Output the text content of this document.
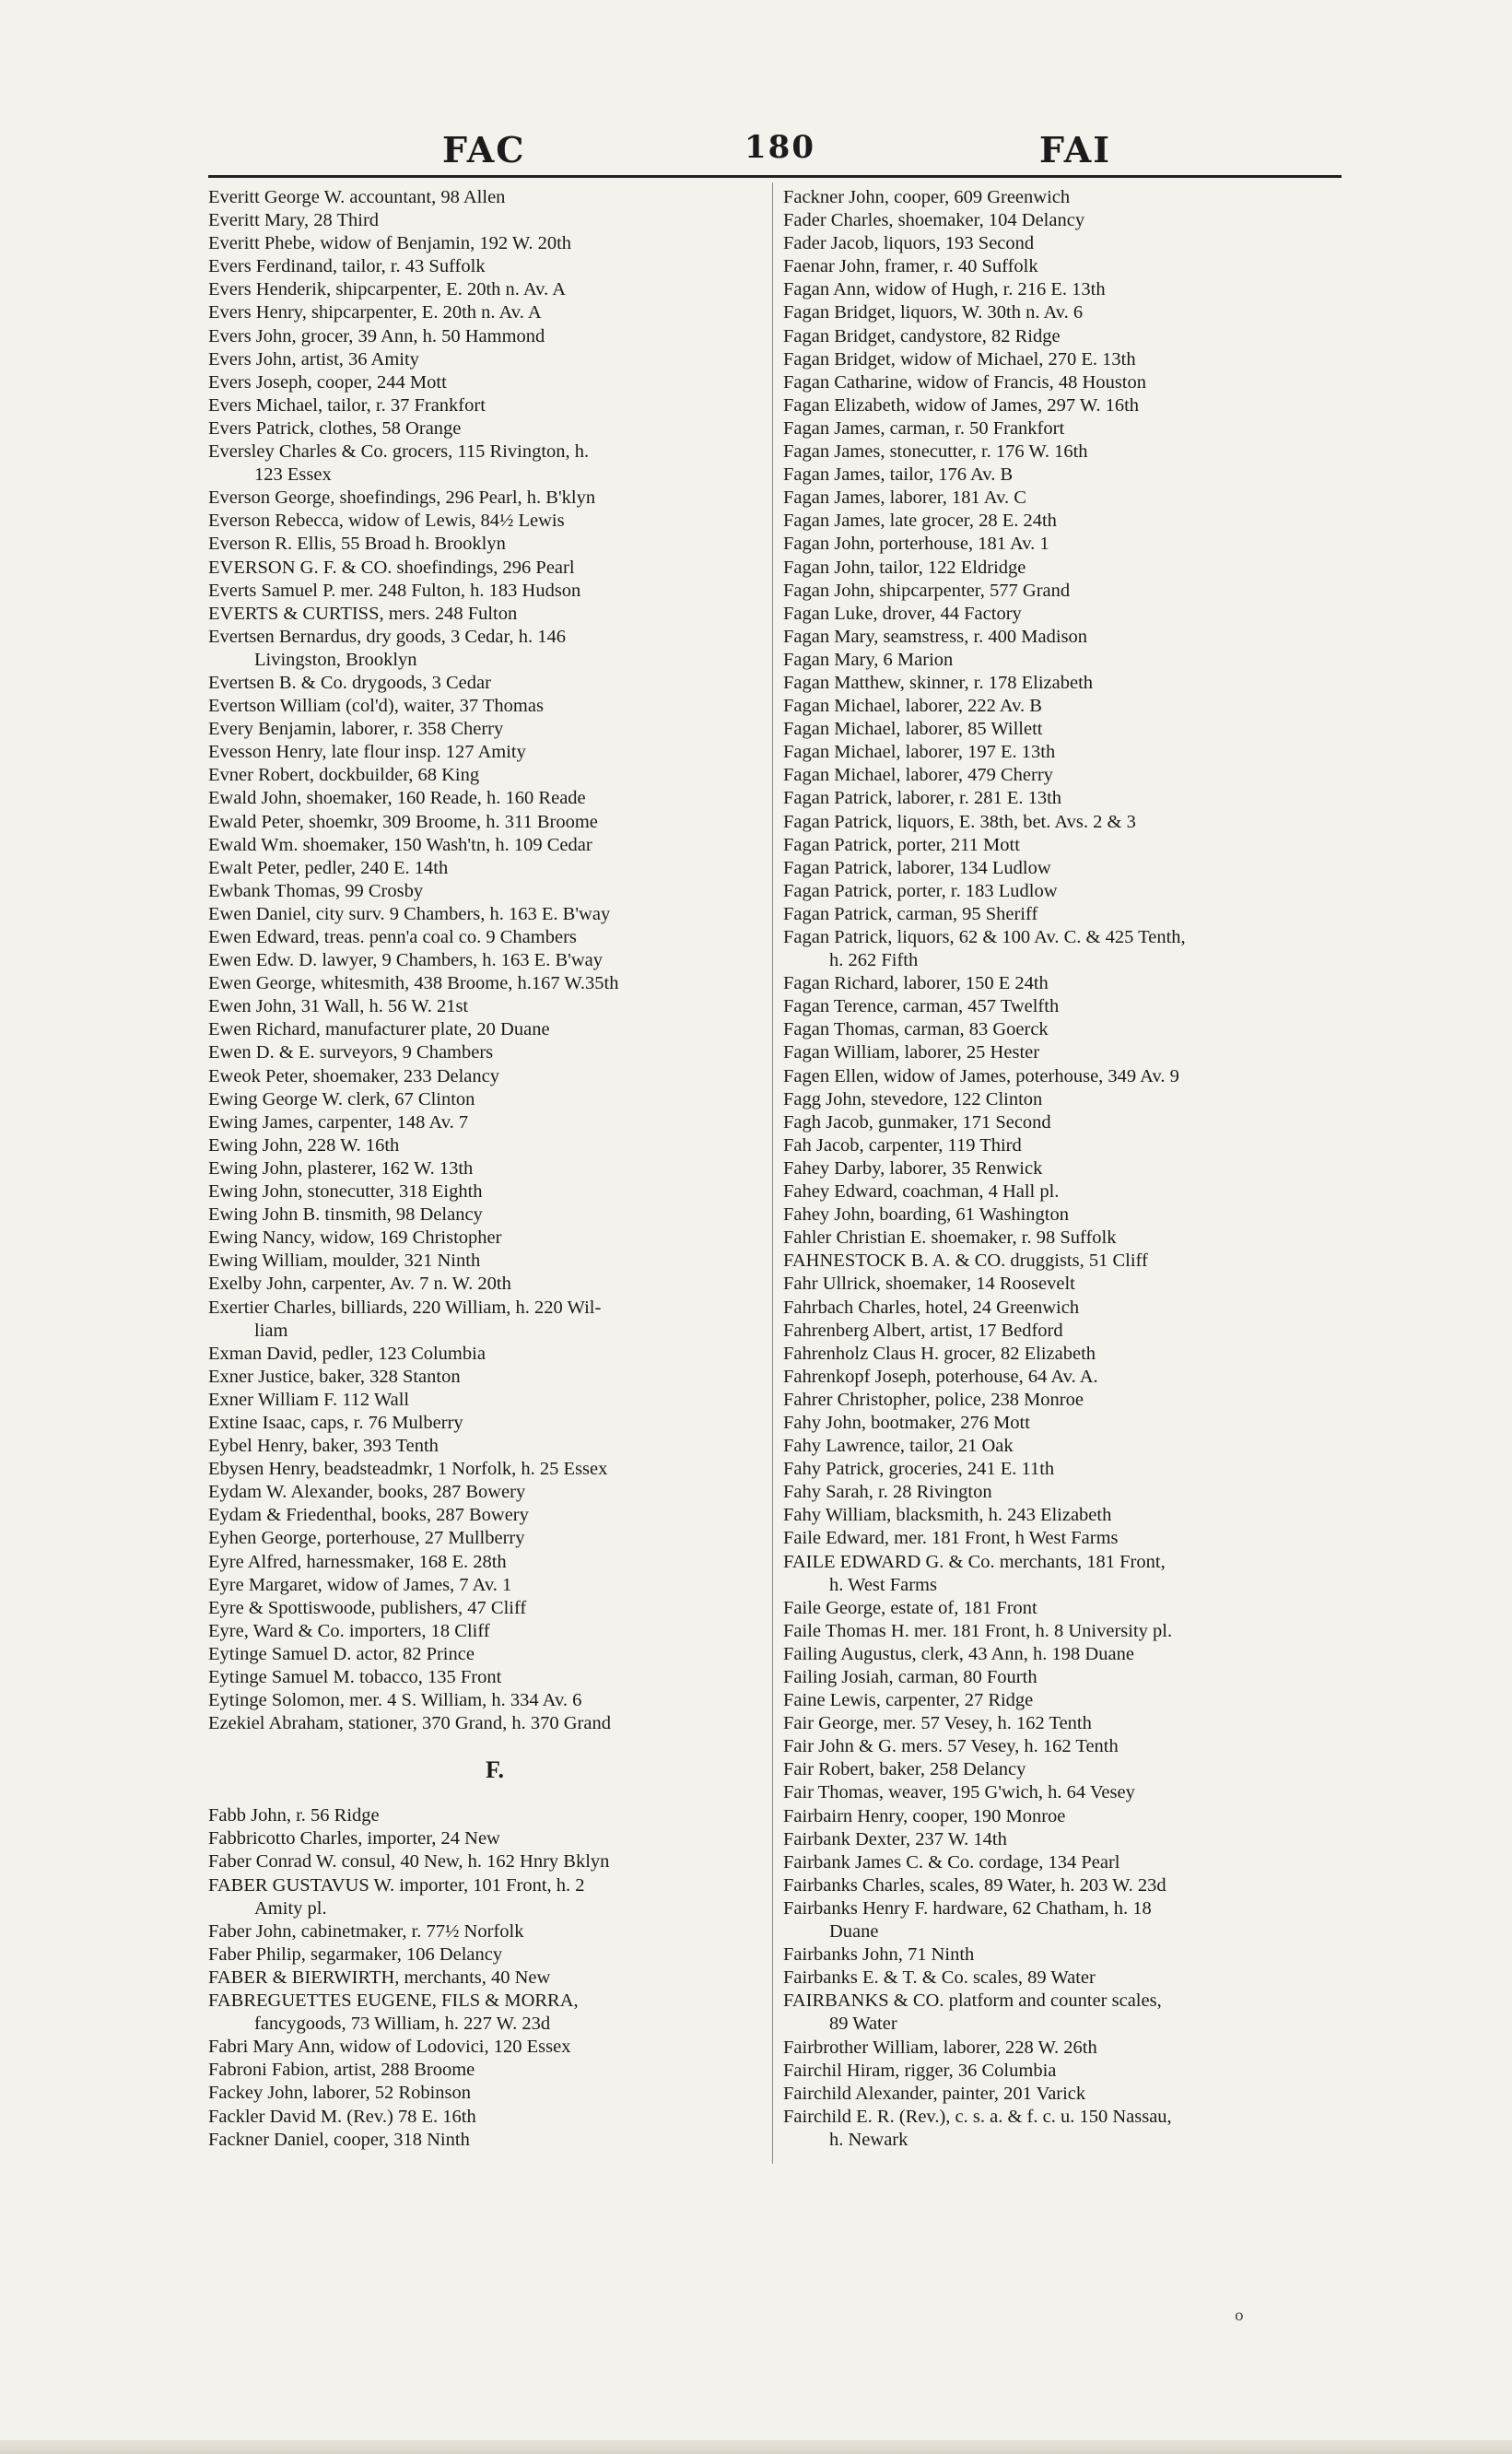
FAC	180	FAI
Everitt George W. accountant, 98 Allen
Everitt Mary, 28 Third
Everitt Phebe, widow of Benjamin, 192 W. 20th
Evers Ferdinand, tailor, r. 43 Suffolk
Evers Henderik, shipcarpenter, E. 20th n. Av. A
Evers Henry, shipcarpenter, E. 20th n. Av. A
Evers John, grocer, 39 Ann, h. 50 Hammond
Evers John, artist, 36 Amity
Evers Joseph, cooper, 244 Mott
Evers Michael, tailor, r. 37 Frankfort
Evers Patrick, clothes, 58 Orange
Eversley Charles & Co. grocers, 115 Rivington, h.
123 Essex
Everson George, shoefindings, 296 Pearl, h. B'klyn
Everson Rebecca, widow of Lewis, 84½ Lewis
Everson R. Ellis, 55 Broad h. Brooklyn
EVERSON G. F. & CO. shoefindings, 296 Pearl
Everts Samuel P. mer. 248 Fulton, h. 183 Hudson
EVERTS & CURTISS, mers. 248 Fulton
Evertsen Bernardus, dry goods, 3 Cedar, h. 146
Livingston, Brooklyn
Evertsen B. & Co. drygoods, 3 Cedar
Evertson William (col'd), waiter, 37 Thomas
Every Benjamin, laborer, r. 358 Cherry
Evesson Henry, late flour insp. 127 Amity
Evner Robert, dockbuilder, 68 King
Ewald John, shoemaker, 160 Reade, h. 160 Reade
Ewald Peter, shoemkr, 309 Broome, h. 311 Broome
Ewald Wm. shoemaker, 150 Wash'tn, h. 109 Cedar
Ewalt Peter, pedler, 240 E. 14th
Ewbank Thomas, 99 Crosby
Ewen Daniel, city surv. 9 Chambers, h. 163 E. B'way
Ewen Edward, treas. penn'a coal co. 9 Chambers
Ewen Edw. D. lawyer, 9 Chambers, h. 163 E. B'way
Ewen George, whitesmith, 438 Broome, h.167 W.35th
Ewen John, 31 Wall, h. 56 W. 21st
Ewen Richard, manufacturer plate, 20 Duane
Ewen D. & E. surveyors, 9 Chambers
Eweok Peter, shoemaker, 233 Delancy
Ewing George W. clerk, 67 Clinton
Ewing James, carpenter, 148 Av. 7
Ewing John, 228 W. 16th
Ewing John, plasterer, 162 W. 13th
Ewing John, stonecutter, 318 Eighth
Ewing John B. tinsmith, 98 Delancy
Ewing Nancy, widow, 169 Christopher
Ewing William, moulder, 321 Ninth
Exelby John, carpenter, Av. 7 n. W. 20th
Exertier Charles, billiards, 220 William, h. 220 Wil-
liam
Exman David, pedler, 123 Columbia
Exner Justice, baker, 328 Stanton
Exner William F. 112 Wall
Extine Isaac, caps, r. 76 Mulberry
Eybel Henry, baker, 393 Tenth
Ebysen Henry, beadsteadmkr, 1 Norfolk, h. 25 Essex
Eydam W. Alexander, books, 287 Bowery
Eydam & Friedenthal, books, 287 Bowery
Eyhen George, porterhouse, 27 Mullberry
Eyre Alfred, harnessmaker, 168 E. 28th
Eyre Margaret, widow of James, 7 Av. 1
Eyre & Spottiswoode, publishers, 47 Cliff
Eyre, Ward & Co. importers, 18 Cliff
Eytinge Samuel D. actor, 82 Prince
Eytinge Samuel M. tobacco, 135 Front
Eytinge Solomon, mer. 4 S. William, h. 334 Av. 6
Ezekiel Abraham, stationer, 370 Grand, h. 370 Grand
F.
Fabb John, r. 56 Ridge
Fabbricotto Charles, importer, 24 New
Faber Conrad W. consul, 40 New, h. 162 Hnry Bklyn
FABER GUSTAVUS W. importer, 101 Front, h. 2
Amity pl.
Faber John, cabinetmaker, r. 77½ Norfolk
Faber Philip, segarmaker, 106 Delancy
FABER & BIERWIRTH, merchants, 40 New
FABREGUETTES EUGENE, FILS & MORRA,
fancygoods, 73 William, h. 227 W. 23d
Fabri Mary Ann, widow of Lodovici, 120 Essex
Fabroni Fabion, artist, 288 Broome
Fackey John, laborer, 52 Robinson
Fackler David M. (Rev.) 78 E. 16th
Fackner Daniel, cooper, 318 Ninth
Fackner John, cooper, 609 Greenwich
Fader Charles, shoemaker, 104 Delancy
Fader Jacob, liquors, 193 Second
Faenar John, framer, r. 40 Suffolk
Fagan Ann, widow of Hugh, r. 216 E. 13th
Fagan Bridget, liquors, W. 30th n. Av. 6
Fagan Bridget, candystore, 82 Ridge
Fagan Bridget, widow of Michael, 270 E. 13th
Fagan Catharine, widow of Francis, 48 Houston
Fagan Elizabeth, widow of James, 297 W. 16th
Fagan James, carman, r. 50 Frankfort
Fagan James, stonecutter, r. 176 W. 16th
Fagan James, tailor, 176 Av. B
Fagan James, laborer, 181 Av. C
Fagan James, late grocer, 28 E. 24th
Fagan John, porterhouse, 181 Av. 1
Fagan John, tailor, 122 Eldridge
Fagan John, shipcarpenter, 577 Grand
Fagan Luke, drover, 44 Factory
Fagan Mary, seamstress, r. 400 Madison
Fagan Mary, 6 Marion
Fagan Matthew, skinner, r. 178 Elizabeth
Fagan Michael, laborer, 222 Av. B
Fagan Michael, laborer, 85 Willett
Fagan Michael, laborer, 197 E. 13th
Fagan Michael, laborer, 479 Cherry
Fagan Patrick, laborer, r. 281 E. 13th
Fagan Patrick, liquors, E. 38th, bet. Avs. 2 & 3
Fagan Patrick, porter, 211 Mott
Fagan Patrick, laborer, 134 Ludlow
Fagan Patrick, porter, r. 183 Ludlow
Fagan Patrick, carman, 95 Sheriff
Fagan Patrick, liquors, 62 & 100 Av. C. & 425 Tenth,
h. 262 Fifth
Fagan Richard, laborer, 150 E 24th
Fagan Terence, carman, 457 Twelfth
Fagan Thomas, carman, 83 Goerck
Fagan William, laborer, 25 Hester
Fagen Ellen, widow of James, poterhouse, 349 Av. 9
Fagg John, stevedore, 122 Clinton
Fagh Jacob, gunmaker, 171 Second
Fah Jacob, carpenter, 119 Third
Fahey Darby, laborer, 35 Renwick
Fahey Edward, coachman, 4 Hall pl.
Fahey John, boarding, 61 Washington
Fahler Christian E. shoemaker, r. 98 Suffolk
FAHNESTOCK B. A. & CO. druggists, 51 Cliff
Fahr Ullrick, shoemaker, 14 Roosevelt
Fahrbach Charles, hotel, 24 Greenwich
Fahrenberg Albert, artist, 17 Bedford
Fahrenholz Claus H. grocer, 82 Elizabeth
Fahrenkopf Joseph, poterhouse, 64 Av. A.
Fahrer Christopher, police, 238 Monroe
Fahy John, bootmaker, 276 Mott
Fahy Lawrence, tailor, 21 Oak
Fahy Patrick, groceries, 241 E. 11th
Fahy Sarah, r. 28 Rivington
Fahy William, blacksmith, h. 243 Elizabeth
Faile Edward, mer. 181 Front, h West Farms
FAILE EDWARD G. & Co. merchants, 181 Front,
h. West Farms
Faile George, estate of, 181 Front
Faile Thomas H. mer. 181 Front, h. 8 University pl.
Failing Augustus, clerk, 43 Ann, h. 198 Duane
Failing Josiah, carman, 80 Fourth
Faine Lewis, carpenter, 27 Ridge
Fair George, mer. 57 Vesey, h. 162 Tenth
Fair John & G. mers. 57 Vesey, h. 162 Tenth
Fair Robert, baker, 258 Delancy
Fair Thomas, weaver, 195 G'wich, h. 64 Vesey
Fairbairn Henry, cooper, 190 Monroe
Fairbank Dexter, 237 W. 14th
Fairbank James C. & Co. cordage, 134 Pearl
Fairbanks Charles, scales, 89 Water, h. 203 W. 23d
Fairbanks Henry F. hardware, 62 Chatham, h. 18
Duane
Fairbanks John, 71 Ninth
Fairbanks E. & T. & Co. scales, 89 Water
FAIRBANKS & CO. platform and counter scales,
89 Water
Fairbrother William, laborer, 228 W. 26th
Fairchil Hiram, rigger, 36 Columbia
Fairchild Alexander, painter, 201 Varick
Fairchild E. R. (Rev.), c. s. a. & f. c. u. 150 Nassau,
h. Newark
o
